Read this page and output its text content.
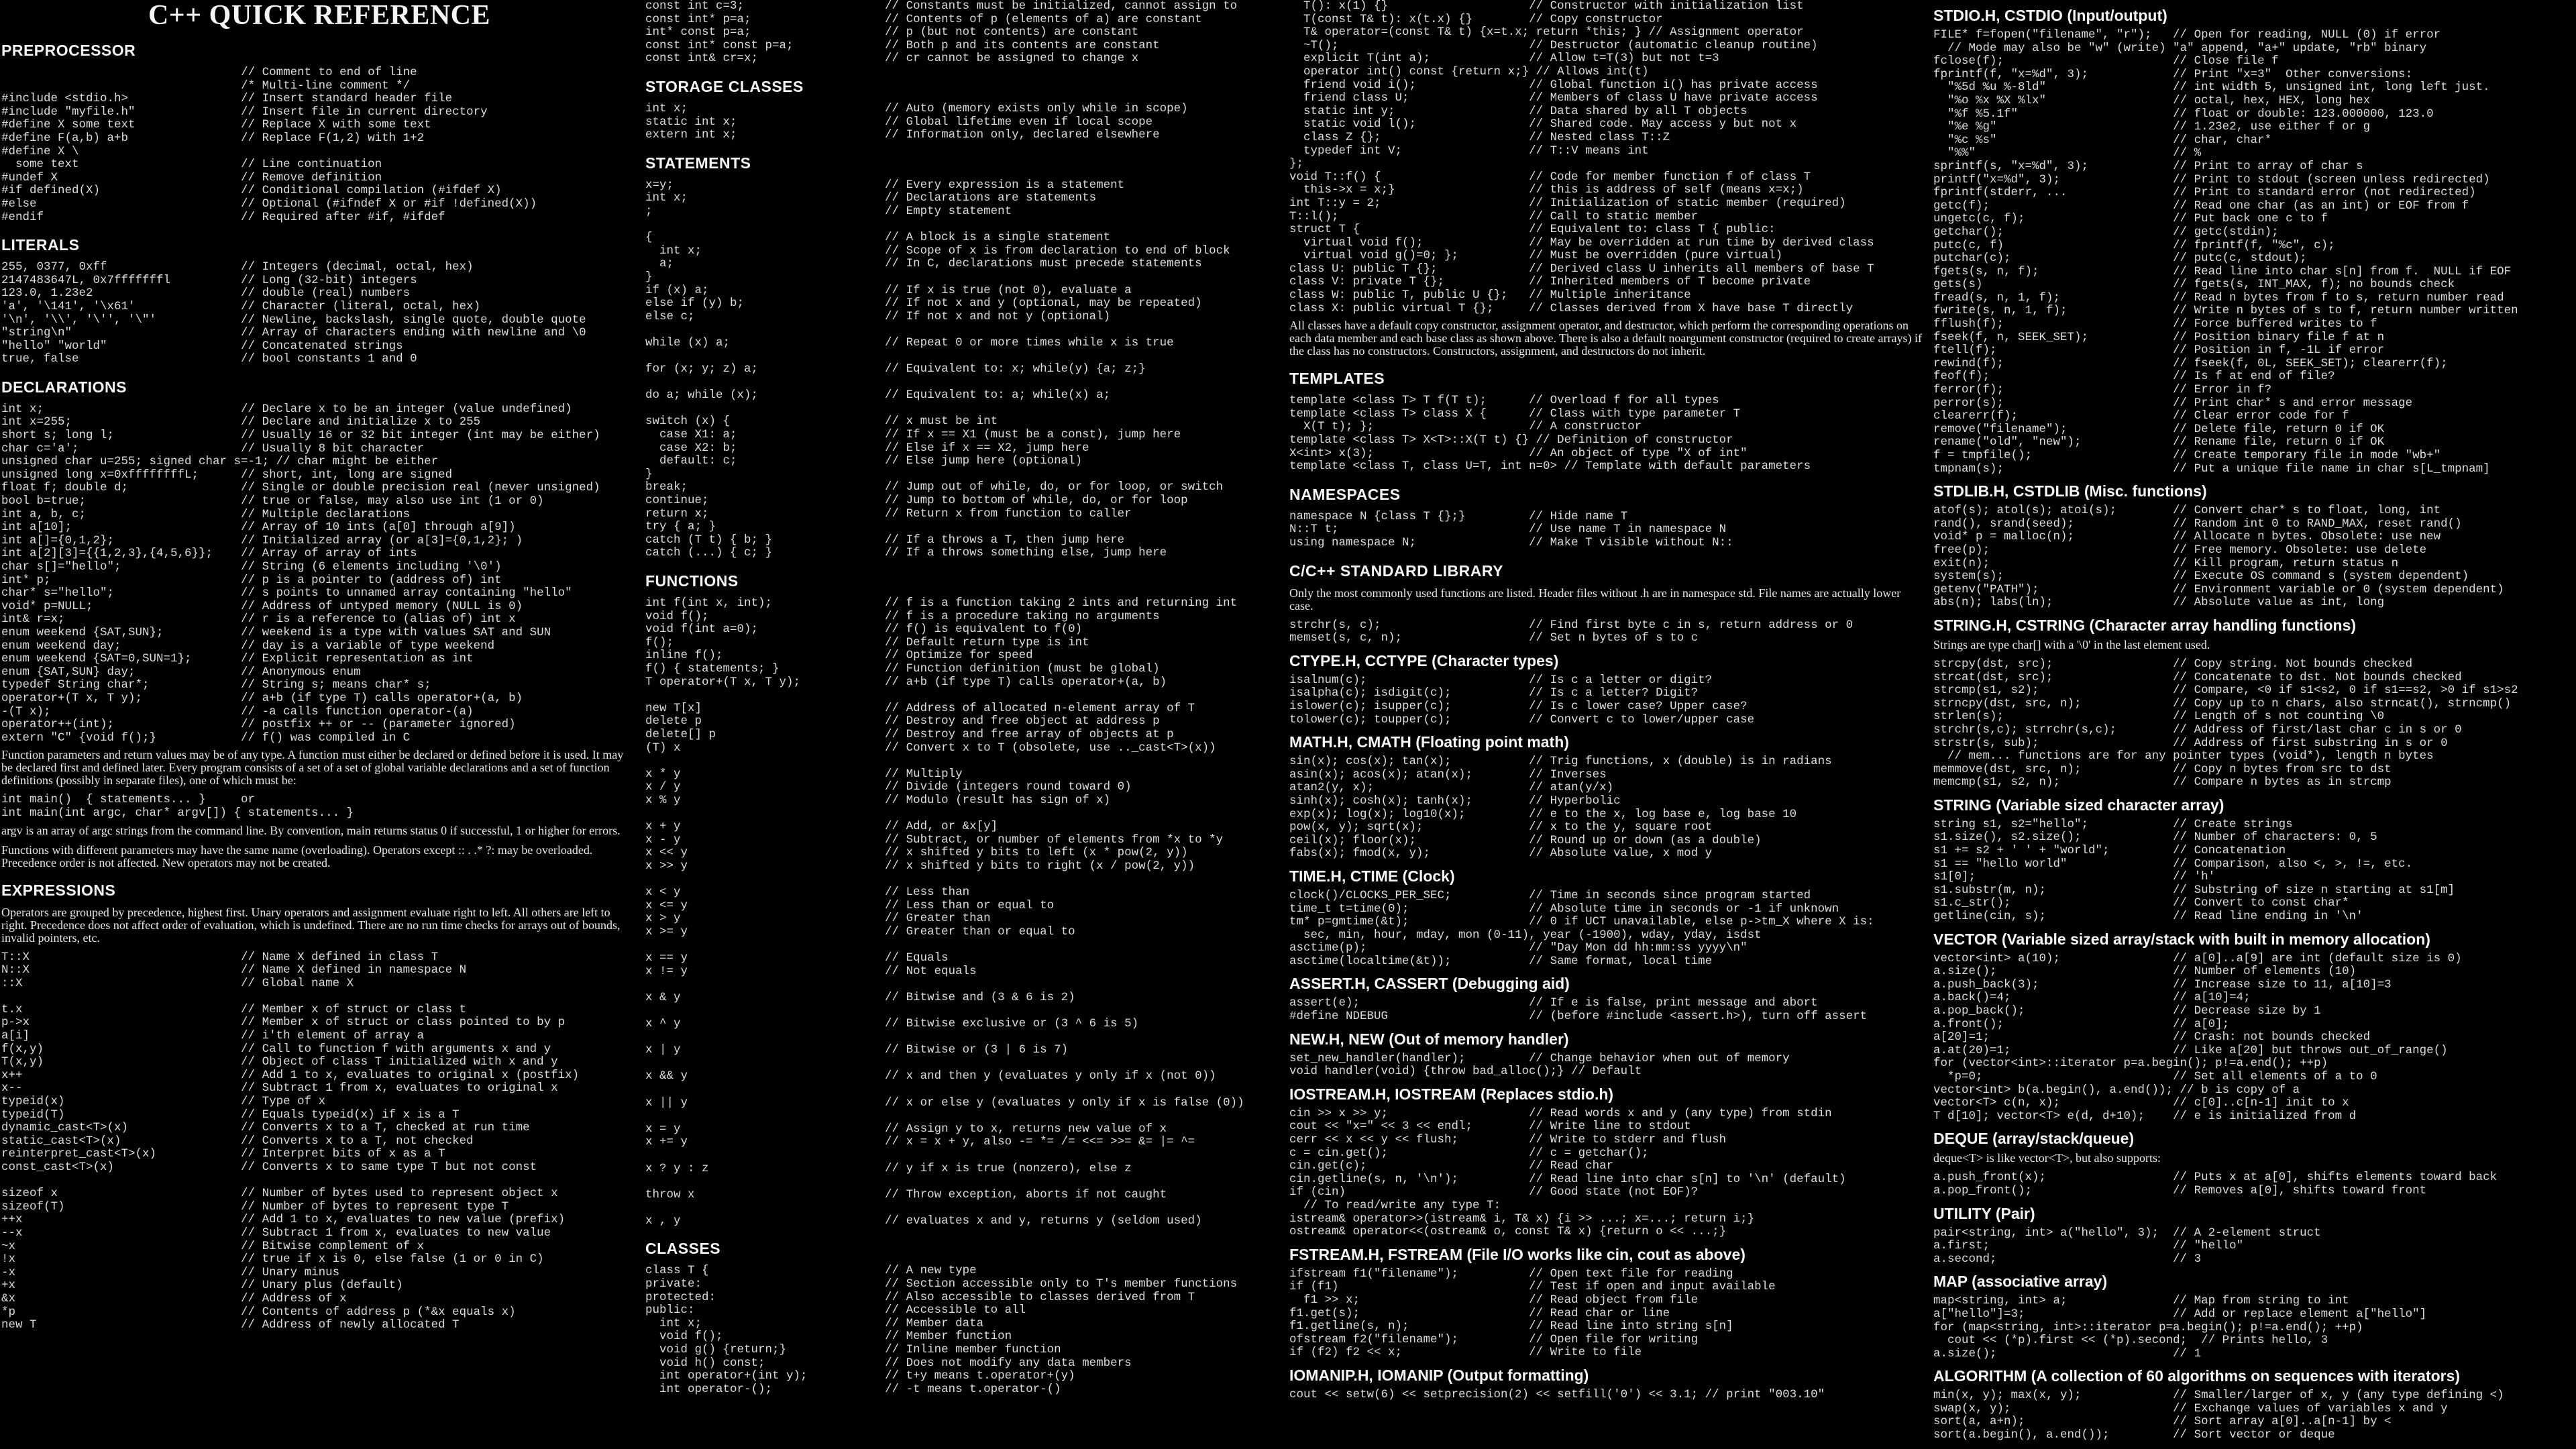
C++ QUICK REFERENCE
PREPROCESSOR
// Comment to end of line
/* Multi-line comment */
#include <stdio.h>                // Insert standard header file
#include "myfile.h"               // Insert file in current directory
#define X some text               // Replace X with some text
#define F(a,b) a+b                // Replace F(1,2) with 1+2
#define X \
some text                       // Line continuation
#undef X                          // Remove definition
#if defined(X)                    // Conditional compilation (#ifdef X)
#else                             // Optional (#ifndef X or #if !defined(X))
#endif                            // Required after #if, #ifdef
LITERALS
255, 0377, 0xff                   // Integers (decimal, octal, hex)
2147483647L, 0x7fffffffl          // Long (32-bit) integers
123.0, 1.23e2                     // double (real) numbers
'a', '\141', '\x61'               // Character (literal, octal, hex)
'\n', '\\', '\'', '\"'            // Newline, backslash, single quote, double quote
"string\n"                        // Array of characters ending with newline and \0
"hello" "world"                   // Concatenated strings
true, false                       // bool constants 1 and 0
DECLARATIONS
int x;                            // Declare x to be an integer (value undefined)
int x=255;                        // Declare and initialize x to 255
short s; long l;                  // Usually 16 or 32 bit integer (int may be either)
char c='a';                       // Usually 8 bit character
unsigned char u=255; signed char s=-1; // char might be either
unsigned long x=0xffffffffL;      // short, int, long are signed
float f; double d;                // Single or double precision real (never unsigned)
bool b=true;                      // true or false, may also use int (1 or 0)
int a, b, c;                      // Multiple declarations
int a[10];                        // Array of 10 ints (a[0] through a[9])
int a[]={0,1,2};                  // Initialized array (or a[3]={0,1,2}; )
int a[2][3]={{1,2,3},{4,5,6}};    // Array of array of ints
char s[]="hello";                 // String (6 elements including '\0')
int* p;                           // p is a pointer to (address of) int
char* s="hello";                  // s points to unnamed array containing "hello"
void* p=NULL;                     // Address of untyped memory (NULL is 0)
int& r=x;                         // r is a reference to (alias of) int x
enum weekend {SAT,SUN};           // weekend is a type with values SAT and SUN
enum weekend day;                 // day is a variable of type weekend
enum weekend {SAT=0,SUN=1};       // Explicit representation as int
enum {SAT,SUN} day;               // Anonymous enum
typedef String char*;             // String s; means char* s;
operator+(T x, T y);              // a+b (if type T) calls operator+(a, b)
-(T x);                           // -a calls function operator-(a)
operator++(int);                  // postfix ++ or -- (parameter ignored)
extern "C" {void f();}            // f() was compiled in C

Function parameters and return values may be of any type. A function must either be declared or defined before it is used. It may be declared first and defined later. Every program consists of a set of a set of global variable declarations and a set of function definitions (possibly in separate files), one of which must be:

int main()  { statements... }     or
int main(int argc, char* argv[]) { statements... }

argv is an array of argc strings from the command line. By convention, main returns status 0 if successful, 1 or higher for errors.

Functions with different parameters may have the same name (overloading). Operators except :: . .* ?: may be overloaded. Precedence order is not affected. New operators may not be created.

EXPRESSIONS

Operators are grouped by precedence, highest first. Unary operators and assignment evaluate right to left. All others are left to right. Precedence does not affect order of evaluation, which is undefined. There are no run time checks for arrays out of bounds, invalid pointers, etc.

T::X                              // Name X defined in class T
N::X                              // Name X defined in namespace N
::X                               // Global name X

t.x                               // Member x of struct or class t
p->x                              // Member x of struct or class pointed to by p
a[i]                              // i'th element of array a
f(x,y)                            // Call to function f with arguments x and y
T(x,y)                            // Object of class T initialized with x and y
x++                               // Add 1 to x, evaluates to original x (postfix)
x--                               // Subtract 1 from x, evaluates to original x
typeid(x)                         // Type of x
typeid(T)                         // Equals typeid(x) if x is a T
dynamic_cast<T>(x)                // Converts x to a T, checked at run time
static_cast<T>(x)                 // Converts x to a T, not checked
reinterpret_cast<T>(x)            // Interpret bits of x as a T
const_cast<T>(x)                  // Converts x to same type T but not const

sizeof x                          // Number of bytes used to represent object x
sizeof(T)                         // Number of bytes to represent type T
++x                               // Add 1 to x, evaluates to new value (prefix)
--x                               // Subtract 1 from x, evaluates to new value
~x                                // Bitwise complement of x
!x                                // true if x is 0, else false (1 or 0 in C)
-x                                // Unary minus
+x                                // Unary plus (default)
&x                                // Address of x
*p                                // Contents of address p (*&x equals x)
new T                             // Address of newly allocated T
const int c=3;                    // Constants must be initialized, cannot assign to
const int* p=a;                   // Contents of p (elements of a) are constant
int* const p=a;                   // p (but not contents) are constant
const int* const p=a;             // Both p and its contents are constant
const int& cr=x;                  // cr cannot be assigned to change x
STORAGE CLASSES
int x;                            // Auto (memory exists only while in scope)
static int x;                     // Global lifetime even if local scope
extern int x;                     // Information only, declared elsewhere
STATEMENTS
x=y;                              // Every expression is a statement
int x;                            // Declarations are statements
;                                 // Empty statement

{                                 // A block is a single statement
int x;                          // Scope of x is from declaration to end of block
a;                              // In C, declarations must precede statements
}
if (x) a;                         // If x is true (not 0), evaluate a
else if (y) b;                    // If not x and y (optional, may be repeated)
else c;                           // If not x and not y (optional)

while (x) a;                      // Repeat 0 or more times while x is true

for (x; y; z) a;                  // Equivalent to: x; while(y) {a; z;}

do a; while (x);                  // Equivalent to: a; while(x) a;

switch (x) {                      // x must be int
case X1: a;                     // If x == X1 (must be a const), jump here
case X2: b;                     // Else if x == X2, jump here
default: c;                     // Else jump here (optional)
}
break;                            // Jump out of while, do, or for loop, or switch
continue;                         // Jump to bottom of while, do, or for loop
return x;                         // Return x from function to caller
try { a; }
catch (T t) { b; }                // If a throws a T, then jump here
catch (...) { c; }                // If a throws something else, jump here
FUNCTIONS
int f(int x, int);                // f is a function taking 2 ints and returning int
void f();                         // f is a procedure taking no arguments
void f(int a=0);                  // f() is equivalent to f(0)
f();                              // Default return type is int
inline f();                       // Optimize for speed
f() { statements; }               // Function definition (must be global)
T operator+(T x, T y);            // a+b (if type T) calls operator+(a, b)

new T[x]                          // Address of allocated n-element array of T
delete p                          // Destroy and free object at address p
delete[] p                        // Destroy and free array of objects at p
(T) x                             // Convert x to T (obsolete, use .._cast<T>(x))

x * y                             // Multiply
x / y                             // Divide (integers round toward 0)
x % y                             // Modulo (result has sign of x)

x + y                             // Add, or &x[y]
x - y                             // Subtract, or number of elements from *x to *y
x << y                            // x shifted y bits to left (x * pow(2, y))
x >> y                            // x shifted y bits to right (x / pow(2, y))

x < y                             // Less than
x <= y                            // Less than or equal to
x > y                             // Greater than
x >= y                            // Greater than or equal to

x == y                            // Equals
x != y                            // Not equals

x & y                             // Bitwise and (3 & 6 is 2)

x ^ y                             // Bitwise exclusive or (3 ^ 6 is 5)

x | y                             // Bitwise or (3 | 6 is 7)

x && y                            // x and then y (evaluates y only if x (not 0))

x || y                            // x or else y (evaluates y only if x is false (0))

x = y                             // Assign y to x, returns new value of x
x += y                            // x = x + y, also -= *= /= <<= >>= &= |= ^=

x ? y : z                         // y if x is true (nonzero), else z

throw x                           // Throw exception, aborts if not caught

x , y                             // evaluates x and y, returns y (seldom used)
CLASSES
class T {                         // A new type
private:                          // Section accessible only to T's member functions
protected:                        // Also accessible to classes derived from T
public:                           // Accessible to all
int x;                          // Member data
void f();                       // Member function
void g() {return;}              // Inline member function
void h() const;                 // Does not modify any data members
int operator+(int y);           // t+y means t.operator+(y)
int operator-();                // -t means t.operator-()
T(): x(1) {}                    // Constructor with initialization list
T(const T& t): x(t.x) {}        // Copy constructor
T& operator=(const T& t) {x=t.x; return *this; } // Assignment operator
~T();                           // Destructor (automatic cleanup routine)
explicit T(int a);              // Allow t=T(3) but not t=3
operator int() const {return x;} // Allows int(t)
friend void i();                // Global function i() has private access
friend class U;                 // Members of class U have private access
static int y;                   // Data shared by all T objects
static void l();                // Shared code. May access y but not x
class Z {};                     // Nested class T::Z
typedef int V;                  // T::V means int
};
void T::f() {                     // Code for member function f of class T
this->x = x;}                   // this is address of self (means x=x;)
int T::y = 2;                     // Initialization of static member (required)
T::l();                           // Call to static member
struct T {                        // Equivalent to: class T { public:
virtual void f();               // May be overridden at run time by derived class
virtual void g()=0; };          // Must be overridden (pure virtual)
class U: public T {};             // Derived class U inherits all members of base T
class V: private T {};            // Inherited members of T become private
class W: public T, public U {};   // Multiple inheritance
class X: public virtual T {};     // Classes derived from X have base T directly

All classes have a default copy constructor, assignment operator, and destructor, which perform the corresponding operations on each data member and each base class as shown above. There is also a default noargument constructor (required to create arrays) if the class has no constructors. Constructors, assignment, and destructors do not inherit.

TEMPLATES
template <class T> T f(T t);      // Overload f for all types
template <class T> class X {      // Class with type parameter T
X(T t); };                      // A constructor
template <class T> X<T>::X(T t) {} // Definition of constructor
X<int> x(3);                      // An object of type "X of int"
template <class T, class U=T, int n=0> // Template with default parameters
NAMESPACES
namespace N {class T {};}         // Hide name T
N::T t;                           // Use name T in namespace N
using namespace N;                // Make T visible without N::
C/C++ STANDARD LIBRARY

Only the most commonly used functions are listed. Header files without .h are in namespace std. File names are actually lower case.

strchr(s, c);                     // Find first byte c in s, return address or 0
memset(s, c, n);                  // Set n bytes of s to c
CTYPE.H, CCTYPE (Character types)
isalnum(c);                       // Is c a letter or digit?
isalpha(c); isdigit(c);           // Is c a letter? Digit?
islower(c); isupper(c);           // Is c lower case? Upper case?
tolower(c); toupper(c);           // Convert c to lower/upper case
MATH.H, CMATH (Floating point math)
sin(x); cos(x); tan(x);           // Trig functions, x (double) is in radians
asin(x); acos(x); atan(x);        // Inverses
atan2(y, x);                      // atan(y/x)
sinh(x); cosh(x); tanh(x);        // Hyperbolic
exp(x); log(x); log10(x);         // e to the x, log base e, log base 10
pow(x, y); sqrt(x);               // x to the y, square root
ceil(x); floor(x);                // Round up or down (as a double)
fabs(x); fmod(x, y);              // Absolute value, x mod y
TIME.H, CTIME (Clock)
clock()/CLOCKS_PER_SEC;           // Time in seconds since program started
time_t t=time(0);                 // Absolute time in seconds or -1 if unknown
tm* p=gmtime(&t);                 // 0 if UCT unavailable, else p->tm_X where X is:
sec, min, hour, mday, mon (0-11), year (-1900), wday, yday, isdst
asctime(p);                       // "Day Mon dd hh:mm:ss yyyy\n"
asctime(localtime(&t));           // Same format, local time
ASSERT.H, CASSERT (Debugging aid)
assert(e);                        // If e is false, print message and abort
#define NDEBUG                    // (before #include <assert.h>), turn off assert
NEW.H, NEW (Out of memory handler)
set_new_handler(handler);         // Change behavior when out of memory
void handler(void) {throw bad_alloc();} // Default
IOSTREAM.H, IOSTREAM (Replaces stdio.h)
cin >> x >> y;                    // Read words x and y (any type) from stdin
cout << "x=" << 3 << endl;        // Write line to stdout
cerr << x << y << flush;          // Write to stderr and flush
c = cin.get();                    // c = getchar();
cin.get(c);                       // Read char
cin.getline(s, n, '\n');          // Read line into char s[n] to '\n' (default)
if (cin)                          // Good state (not EOF)?
// To read/write any type T:
istream& operator>>(istream& i, T& x) {i >> ...; x=...; return i;}
ostream& operator<<(ostream& o, const T& x) {return o << ...;}
FSTREAM.H, FSTREAM (File I/O works like cin, cout as above)
ifstream f1("filename");          // Open text file for reading
if (f1)                           // Test if open and input available
f1 >> x;                        // Read object from file
f1.get(s);                        // Read char or line
f1.getline(s, n);                 // Read line into string s[n]
ofstream f2("filename");          // Open file for writing
if (f2) f2 << x;                  // Write to file
IOMANIP.H, IOMANIP (Output formatting)
cout << setw(6) << setprecision(2) << setfill('0') << 3.1; // print "003.10"
STDIO.H, CSTDIO (Input/output)
FILE* f=fopen("filename", "r");   // Open for reading, NULL (0) if error
// Mode may also be "w" (write) "a" append, "a+" update, "rb" binary
fclose(f);                        // Close file f
fprintf(f, "x=%d", 3);            // Print "x=3"  Other conversions:
"%5d %u %-8ld"                  // int width 5, unsigned int, long left just.
"%o %x %X %lx"                  // octal, hex, HEX, long hex
"%f %5.1f"                      // float or double: 123.000000, 123.0
"%e %g"                         // 1.23e2, use either f or g
"%c %s"                         // char, char*
"%%"                            // %
sprintf(s, "x=%d", 3);            // Print to array of char s
printf("x=%d", 3);                // Print to stdout (screen unless redirected)
fprintf(stderr, ...               // Print to standard error (not redirected)
getc(f);                          // Read one char (as an int) or EOF from f
ungetc(c, f);                     // Put back one c to f
getchar();                        // getc(stdin);
putc(c, f)                        // fprintf(f, "%c", c);
putchar(c);                       // putc(c, stdout);
fgets(s, n, f);                   // Read line into char s[n] from f.  NULL if EOF
gets(s)                           // fgets(s, INT_MAX, f); no bounds check
fread(s, n, 1, f);                // Read n bytes from f to s, return number read
fwrite(s, n, 1, f);               // Write n bytes of s to f, return number written
fflush(f);                        // Force buffered writes to f
fseek(f, n, SEEK_SET);            // Position binary file f at n
ftell(f);                         // Position in f, -1L if error
rewind(f);                        // fseek(f, 0L, SEEK_SET); clearerr(f);
feof(f);                          // Is f at end of file?
ferror(f);                        // Error in f?
perror(s);                        // Print char* s and error message
clearerr(f);                      // Clear error code for f
remove("filename");               // Delete file, return 0 if OK
rename("old", "new");             // Rename file, return 0 if OK
f = tmpfile();                    // Create temporary file in mode "wb+"
tmpnam(s);                        // Put a unique file name in char s[L_tmpnam]
STDLIB.H, CSTDLIB (Misc. functions)
atof(s); atol(s); atoi(s);        // Convert char* s to float, long, int
rand(), srand(seed);              // Random int 0 to RAND_MAX, reset rand()
void* p = malloc(n);              // Allocate n bytes. Obsolete: use new
free(p);                          // Free memory. Obsolete: use delete
exit(n);                          // Kill program, return status n
system(s);                        // Execute OS command s (system dependent)
getenv("PATH");                   // Environment variable or 0 (system dependent)
abs(n); labs(ln);                 // Absolute value as int, long
STRING.H, CSTRING (Character array handling functions)

Strings are type char[] with a '\0' in the last element used.

strcpy(dst, src);                 // Copy string. Not bounds checked
strcat(dst, src);                 // Concatenate to dst. Not bounds checked
strcmp(s1, s2);                   // Compare, <0 if s1<s2, 0 if s1==s2, >0 if s1>s2
strncpy(dst, src, n);             // Copy up to n chars, also strncat(), strncmp()
strlen(s);                        // Length of s not counting \0
strchr(s,c); strrchr(s,c);        // Address of first/last char c in s or 0
strstr(s, sub);                   // Address of first substring in s or 0
// mem... functions are for any pointer types (void*), length n bytes
memmove(dst, src, n);             // Copy n bytes from src to dst
memcmp(s1, s2, n);                // Compare n bytes as in strcmp
STRING (Variable sized character array)
string s1, s2="hello";            // Create strings
s1.size(), s2.size();             // Number of characters: 0, 5
s1 += s2 + ' ' + "world";         // Concatenation
s1 == "hello world"               // Comparison, also <, >, !=, etc.
s1[0];                            // 'h'
s1.substr(m, n);                  // Substring of size n starting at s1[m]
s1.c_str();                       // Convert to const char*
getline(cin, s);                  // Read line ending in '\n'
VECTOR (Variable sized array/stack with built in memory allocation)
vector<int> a(10);                // a[0]..a[9] are int (default size is 0)
a.size();                         // Number of elements (10)
a.push_back(3);                   // Increase size to 11, a[10]=3
a.back()=4;                       // a[10]=4;
a.pop_back();                     // Decrease size by 1
a.front();                        // a[0];
a[20]=1;                          // Crash: not bounds checked
a.at(20)=1;                       // Like a[20] but throws out_of_range()
for (vector<int>::iterator p=a.begin(); p!=a.end(); ++p)
*p=0;                           // Set all elements of a to 0
vector<int> b(a.begin(), a.end()); // b is copy of a
vector<T> c(n, x);                // c[0]..c[n-1] init to x
T d[10]; vector<T> e(d, d+10);    // e is initialized from d
DEQUE (array/stack/queue)

deque<T> is like vector<T>, but also supports:

a.push_front(x);                  // Puts x at a[0], shifts elements toward back
a.pop_front();                    // Removes a[0], shifts toward front
UTILITY (Pair)
pair<string, int> a("hello", 3);  // A 2-element struct
a.first;                          // "hello"
a.second;                         // 3
MAP (associative array)
map<string, int> a;               // Map from string to int
a["hello"]=3;                     // Add or replace element a["hello"]
for (map<string, int>::iterator p=a.begin(); p!=a.end(); ++p)
cout << (*p).first << (*p).second;  // Prints hello, 3
a.size();                         // 1
ALGORITHM (A collection of 60 algorithms on sequences with iterators)
min(x, y); max(x, y);             // Smaller/larger of x, y (any type defining <)
swap(x, y);                       // Exchange values of variables x and y
sort(a, a+n);                     // Sort array a[0]..a[n-1] by <
sort(a.begin(), a.end());         // Sort vector or deque
